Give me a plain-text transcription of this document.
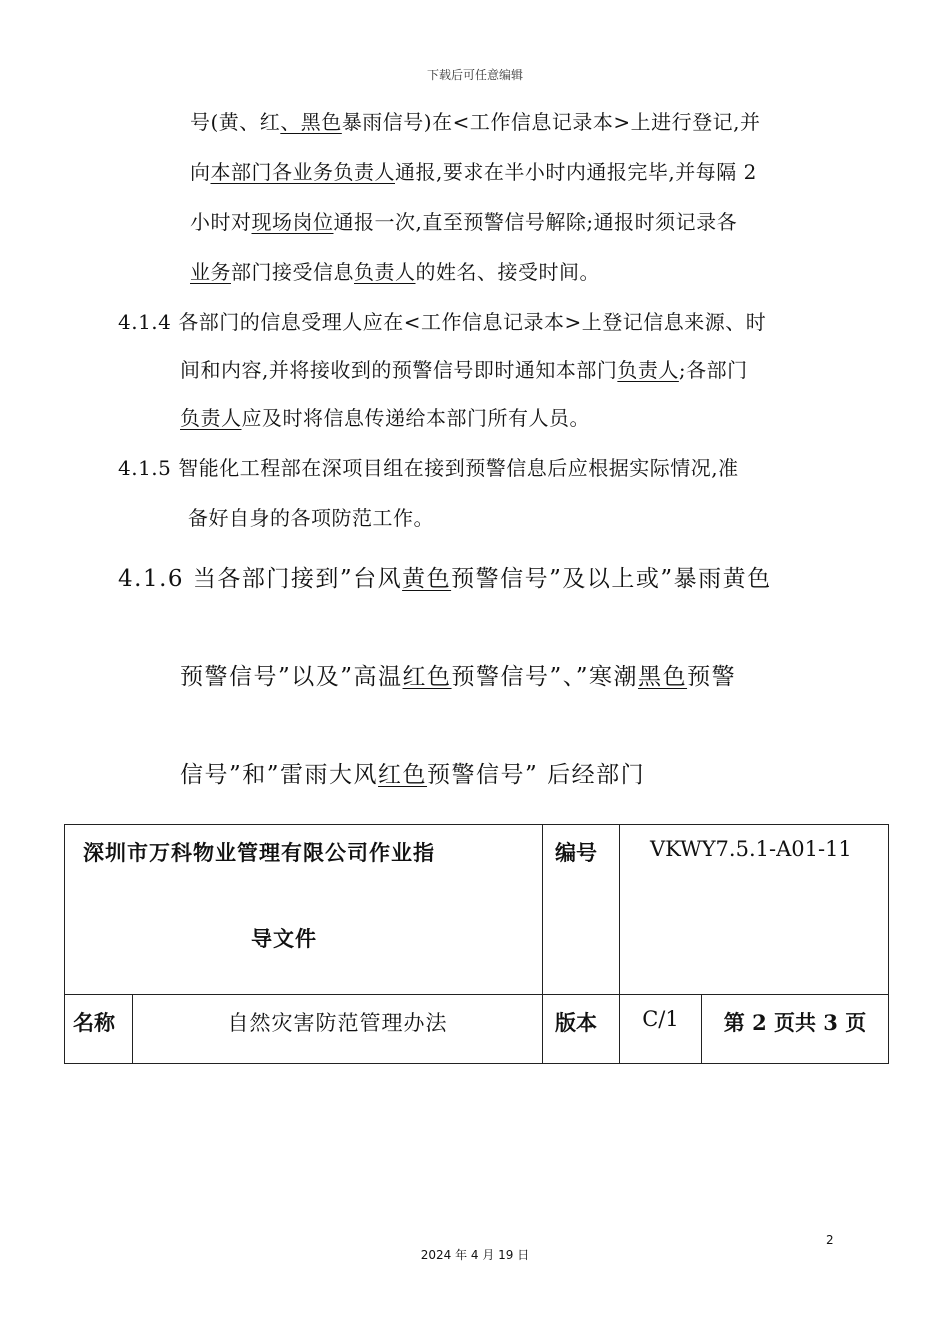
下载后可任意编辑
号(黄、红、黑色暴雨信号)在<工作信息记录本>上进行登记,并
向本部门各业务负责人通报,要求在半小时内通报完毕,并每隔 2
小时对现场岗位通报一次,直至预警信号解除;通报时须记录各
业务部门接受信息负责人的姓名、接受时间。
4.1.4 各部门的信息受理人应在<工作信息记录本>上登记信息来源、时
间和内容,并将接收到的预警信号即时通知本部门负责人;各部门
负责人应及时将信息传递给本部门所有人员。
4.1.5 智能化工程部在深项目组在接到预警信息后应根据实际情况,准
备好自身的各项防范工作。
4.1.6 当各部门接到”台风黄色预警信号”及以上或”暴雨黄色
预警信号”以及”高温红色预警信号”、”寒潮黑色预警
信号”和”雷雨大风红色预警信号” 后经部门
深圳市万科物业管理有限公司作业指
导文件		编号	VKWY7.5.1-A01-11	
名称	自然灾害防范管理办法	版本	C/1	第 2 页共 3 页
2
2024 年 4 月 19 日
